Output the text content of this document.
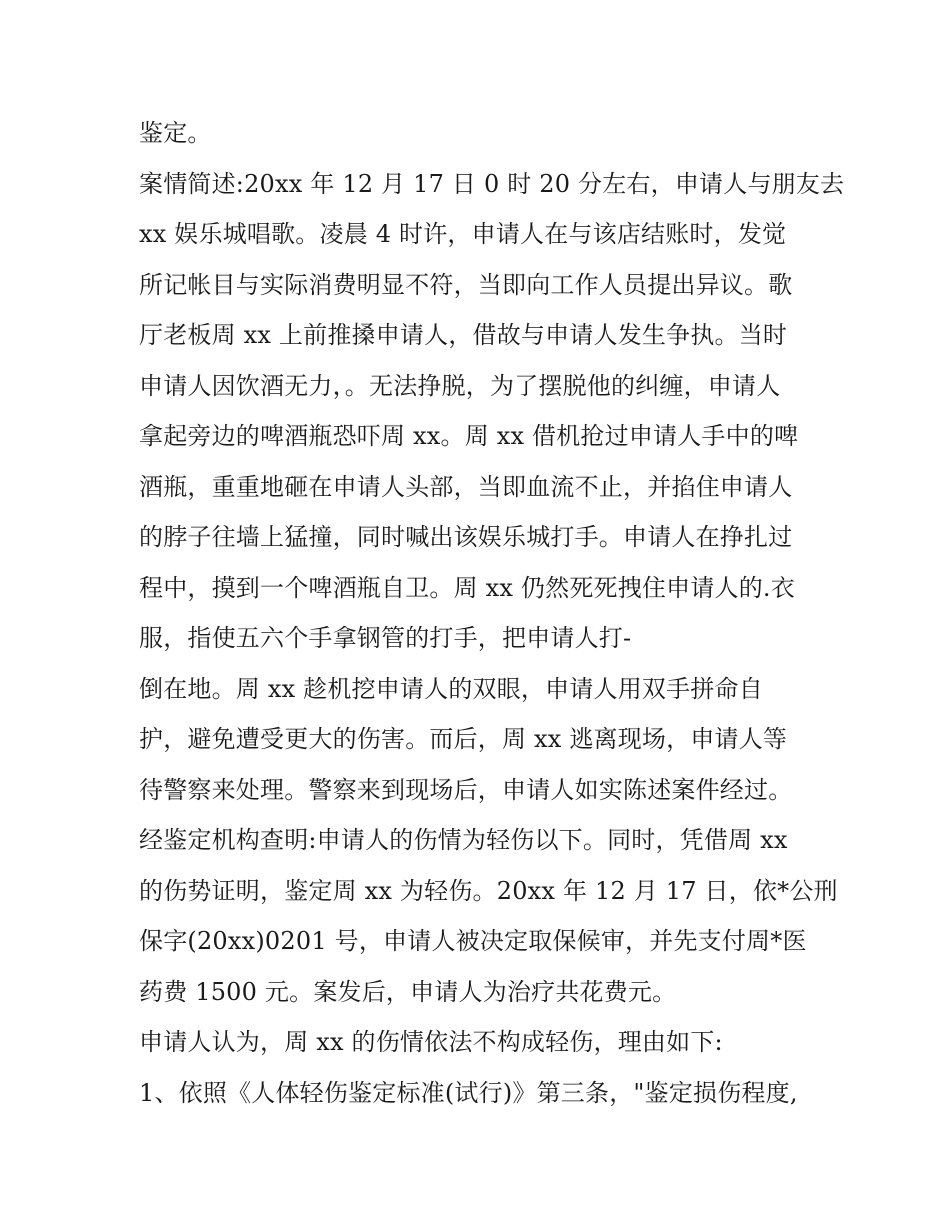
鉴定。
案情简述:20xx 年 12 月 17 日 0 时 20 分左右，申请人与朋友去
xx 娱乐城唱歌。凌晨 4 时许，申请人在与该店结账时，发觉
所记帐目与实际消费明显不符，当即向工作人员提出异议。歌
厅老板周 xx 上前推搡申请人，借故与申请人发生争执。当时
申请人因饮酒无力，。无法挣脱，为了摆脱他的纠缠，申请人
拿起旁边的啤酒瓶恐吓周 xx。周 xx 借机抢过申请人手中的啤
酒瓶，重重地砸在申请人头部，当即血流不止，并掐住申请人
的脖子往墙上猛撞，同时喊出该娱乐城打手。申请人在挣扎过
程中，摸到一个啤酒瓶自卫。周 xx 仍然死死拽住申请人的.衣
服，指使五六个手拿钢管的打手，把申请人打-
倒在地。周 xx 趁机挖申请人的双眼，申请人用双手拼命自
护，避免遭受更大的伤害。而后，周 xx 逃离现场，申请人等
待警察来处理。警察来到现场后，申请人如实陈述案件经过。
经鉴定机构查明:申请人的伤情为轻伤以下。同时，凭借周 xx
的伤势证明，鉴定周 xx 为轻伤。20xx 年 12 月 17 日，依*公刑
保字(20xx)0201 号，申请人被决定取保候审，并先支付周*医
药费 1500 元。案发后，申请人为治疗共花费元。
申请人认为，周 xx 的伤情依法不构成轻伤，理由如下:
1、依照《人体轻伤鉴定标准(试行)》第三条，"鉴定损伤程度,
